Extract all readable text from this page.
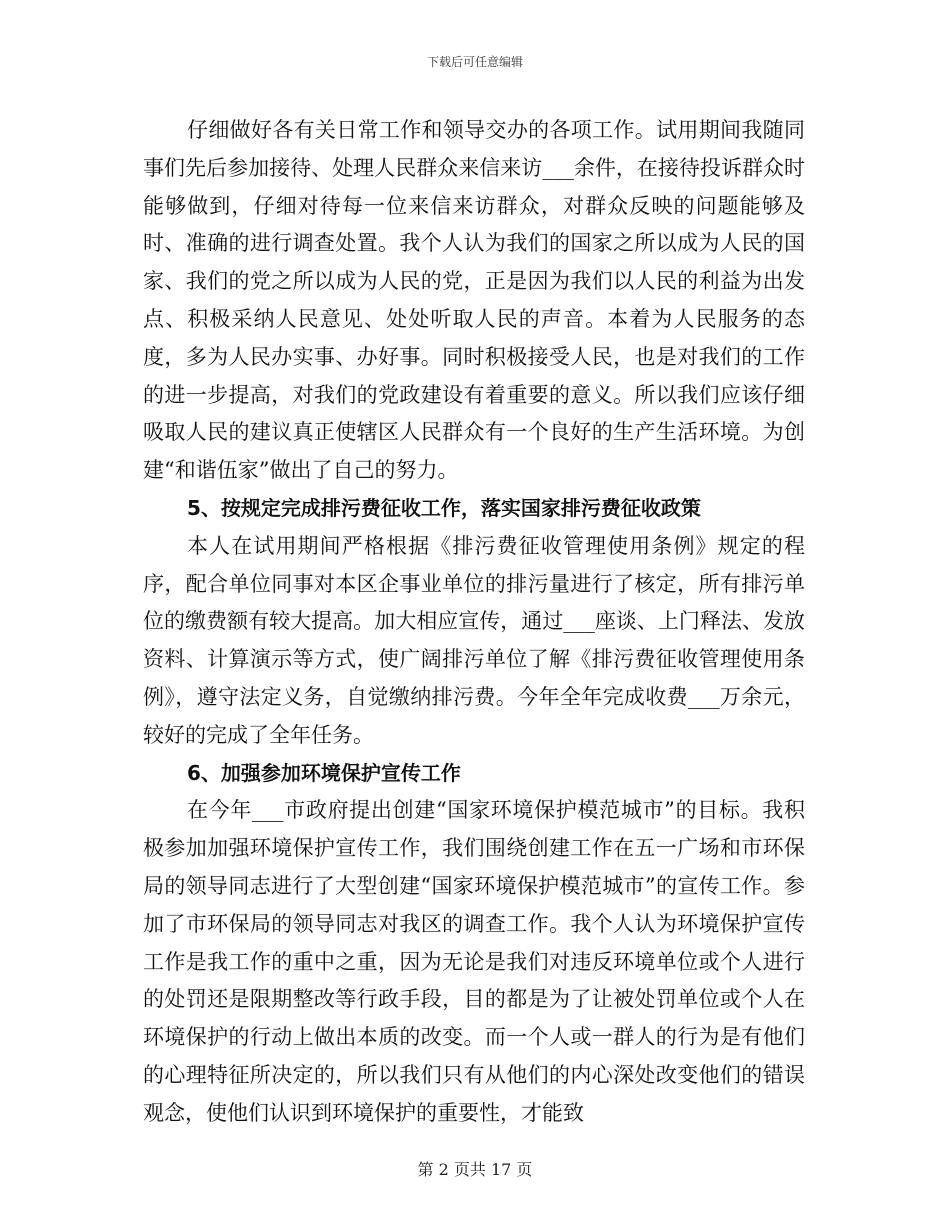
下载后可任意编辑

仔细做好各有关日常工作和领导交办的各项工作。试用期间我随同事们先后参加接待、处理人民群众来信来访___余件，在接待投诉群众时能够做到，仔细对待每一位来信来访群众，对群众反映的问题能够及时、准确的进行调查处置。我个人认为我们的国家之所以成为人民的国家、我们的党之所以成为人民的党，正是因为我们以人民的利益为出发点、积极采纳人民意见、处处听取人民的声音。本着为人民服务的态度，多为人民办实事、办好事。同时积极接受人民，也是对我们的工作的进一步提高，对我们的党政建设有着重要的意义。所以我们应该仔细吸取人民的建议真正使辖区人民群众有一个良好的生产生活环境。为创建“和谐伍家”做出了自己的努力。

5、按规定完成排污费征收工作，落实国家排污费征收政策

本人在试用期间严格根据《排污费征收管理使用条例》规定的程序，配合单位同事对本区企事业单位的排污量进行了核定，所有排污单位的缴费额有较大提高。加大相应宣传，通过___座谈、上门释法、发放资料、计算演示等方式，使广阔排污单位了解《排污费征收管理使用条例》，遵守法定义务，自觉缴纳排污费。今年全年完成收费___万余元，较好的完成了全年任务。

6、加强参加环境保护宣传工作

在今年___市政府提出创建“国家环境保护模范城市”的目标。我积极参加加强环境保护宣传工作，我们围绕创建工作在五一广场和市环保局的领导同志进行了大型创建“国家环境保护模范城市”的宣传工作。参加了市环保局的领导同志对我区的调查工作。我个人认为环境保护宣传工作是我工作的重中之重，因为无论是我们对违反环境单位或个人进行的处罚还是限期整改等行政手段，目的都是为了让被处罚单位或个人在环境保护的行动上做出本质的改变。而一个人或一群人的行为是有他们的心理特征所决定的，所以我们只有从他们的内心深处改变他们的错误观念，使他们认识到环境保护的重要性，才能致

第 2 页共 17 页
